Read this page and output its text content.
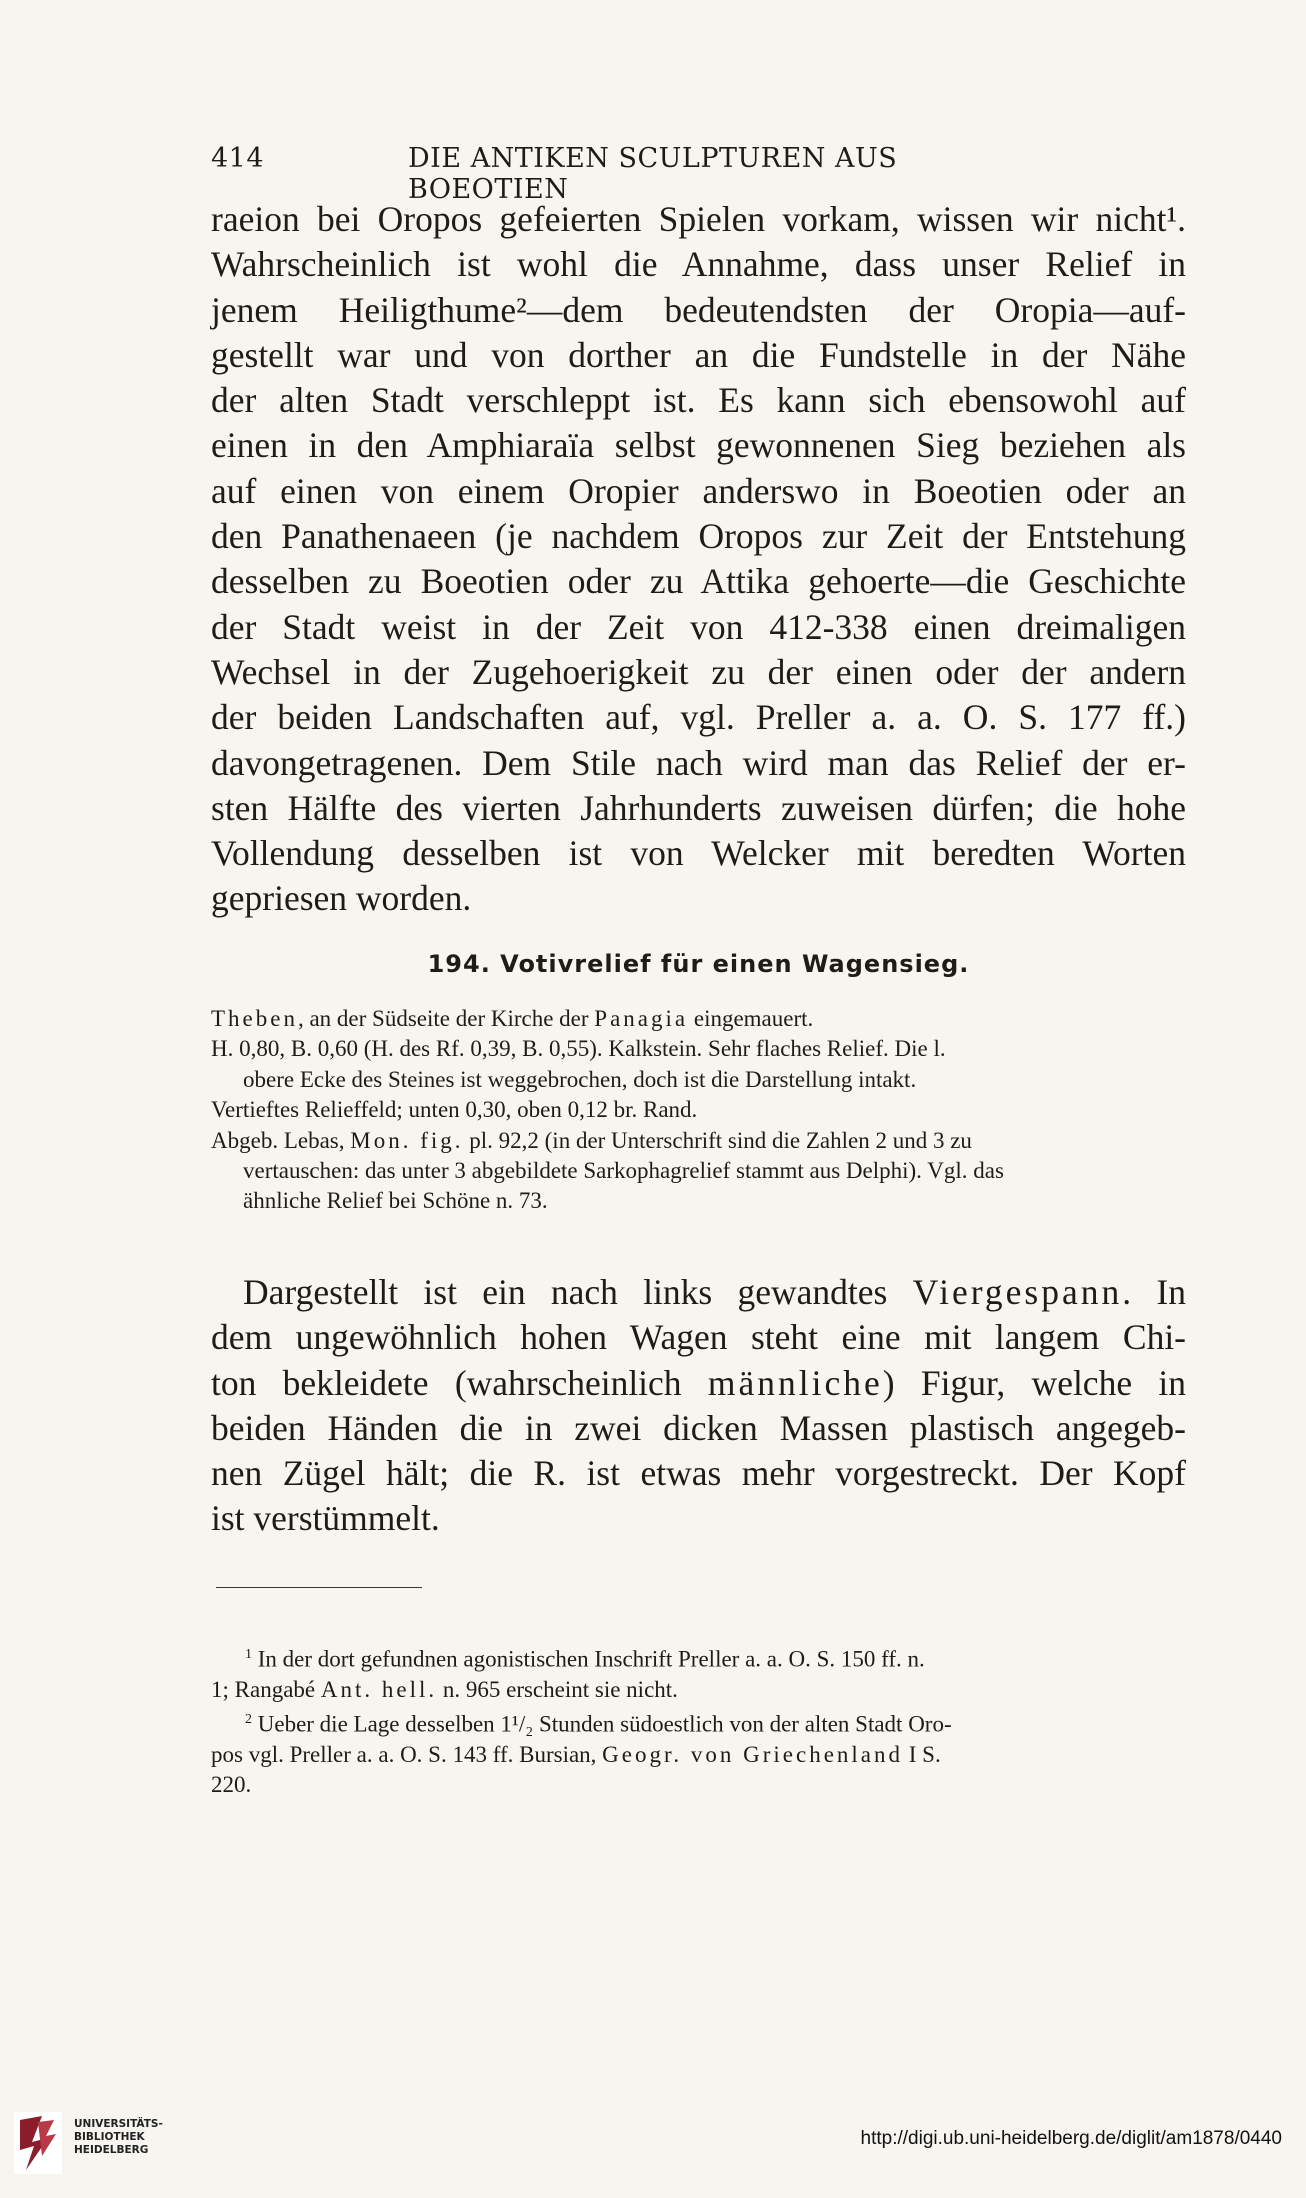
414	DIE ANTIKEN SCULPTUREN AUS BOEOTIEN
raeion bei Oropos gefeierten Spielen vorkam, wissen wir nicht¹.
Wahrscheinlich ist wohl die Annahme, dass unser Relief in
jenem Heiligthume²—dem bedeutendsten der Oropia—auf-
gestellt war und von dorther an die Fundstelle in der Nähe
der alten Stadt verschleppt ist. Es kann sich ebensowohl auf
einen in den Amphiaraïa selbst gewonnenen Sieg beziehen als
auf einen von einem Oropier anderswo in Boeotien oder an
den Panathenaeen (je nachdem Oropos zur Zeit der Entstehung
desselben zu Boeotien oder zu Attika gehoerte—die Geschichte
der Stadt weist in der Zeit von 412-338 einen dreimaligen
Wechsel in der Zugehoerigkeit zu der einen oder der andern
der beiden Landschaften auf, vgl. Preller a. a. O. S. 177 ff.)
davongetragenen. Dem Stile nach wird man das Relief der er-
sten Hälfte des vierten Jahrhunderts zuweisen dürfen; die hohe
Vollendung desselben ist von Welcker mit beredten Worten
gepriesen worden.
194. Votivrelief für einen Wagensieg.
Theben, an der Südseite der Kirche der Panagia eingemauert.
H. 0,80, B. 0,60 (H. des Rf. 0,39, B. 0,55). Kalkstein. Sehr flaches Relief. Die l.
obere Ecke des Steines ist weggebrochen, doch ist die Darstellung intakt.
Vertieftes Relieffeld; unten 0,30, oben 0,12 br. Rand.
Abgeb. Lebas, Mon. fig. pl. 92,2 (in der Unterschrift sind die Zahlen 2 und 3 zu
vertauschen: das unter 3 abgebildete Sarkophagrelief stammt aus Delphi). Vgl. das
ähnliche Relief bei Schöne n. 73.
Dargestellt ist ein nach links gewandtes Viergespann. In
dem ungewöhnlich hohen Wagen steht eine mit langem Chi-
ton bekleidete (wahrscheinlich männliche) Figur, welche in
beiden Händen die in zwei dicken Massen plastisch angegeb-
nen Zügel hält; die R. ist etwas mehr vorgestreckt. Der Kopf
ist verstümmelt.
$^1$ In der dort gefundnen agonistischen Inschrift Preller a. a. O. S. 150 ff. n.
1; Rangabé Ant. hell. n. 965 erscheint sie nicht.
$^2$ Ueber die Lage desselben 1¹/₂ Stunden südoestlich von der alten Stadt Oro-
pos vgl. Preller a. a. O. S. 143 ff. Bursian, Geogr. von Griechenland I S.
220.
UNIVERSITÄTS-
BIBLIOTHEK
HEIDELBERG
http://digi.ub.uni-heidelberg.de/diglit/am1878/0440
